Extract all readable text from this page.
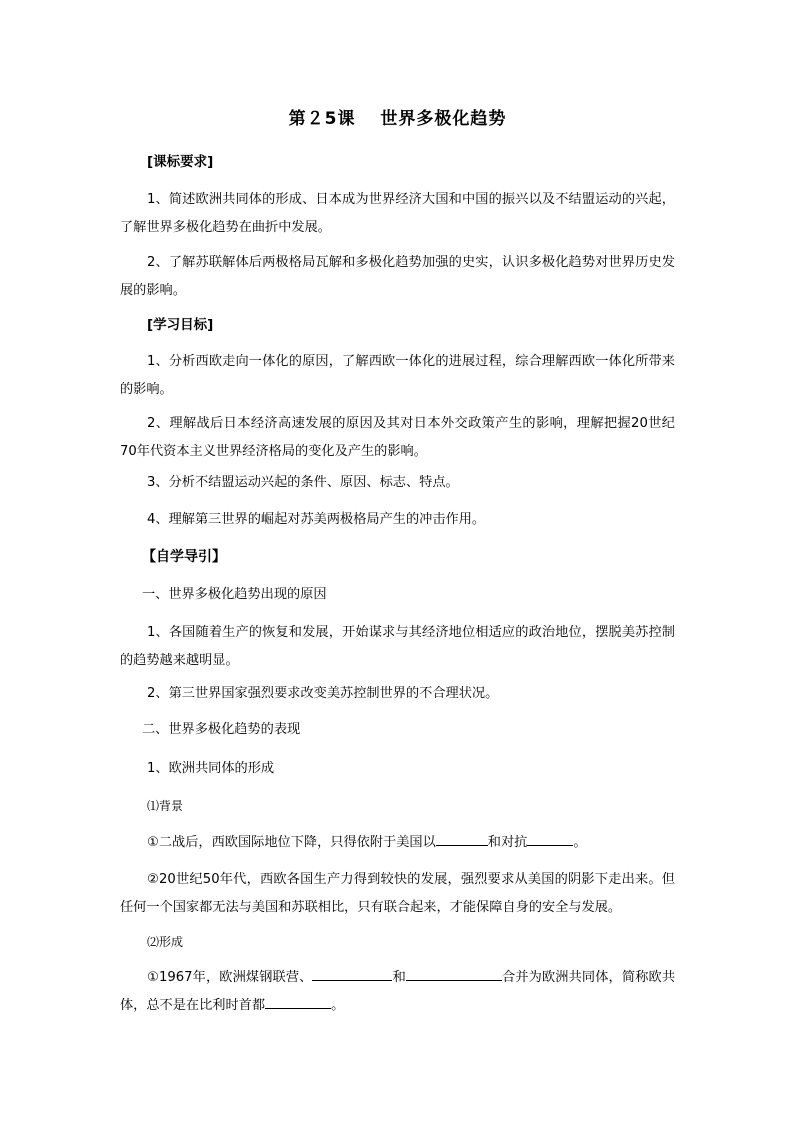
第２5课　 世界多极化趋势
[课标要求]
1、简述欧洲共同体的形成、日本成为世界经济大国和中国的振兴以及不结盟运动的兴起，了解世界多极化趋势在曲折中发展。
2、了解苏联解体后两极格局瓦解和多极化趋势加强的史实，认识多极化趋势对世界历史发展的影响。
[学习目标]
1、分析西欧走向一体化的原因，了解西欧一体化的进展过程，综合理解西欧一体化所带来的影响。
2、理解战后日本经济高速发展的原因及其对日本外交政策产生的影响，理解把握20世纪70年代资本主义世界经济格局的变化及产生的影响。
3、分析不结盟运动兴起的条件、原因、标志、特点。
4、理解第三世界的崛起对苏美两极格局产生的冲击作用。
【自学导引】
一、世界多极化趋势出现的原因
1、各国随着生产的恢复和发展，开始谋求与其经济地位相适应的政治地位，摆脱美苏控制的趋势越来越明显。
2、第三世界国家强烈要求改变美苏控制世界的不合理状况。
二、世界多极化趋势的表现
1、欧洲共同体的形成
⑴背景
①二战后，西欧国际地位下降，只得依附于美国以	和对抗	。
②20世纪50年代，西欧各国生产力得到较快的发展，强烈要求从美国的阴影下走出来。但任何一个国家都无法与美国和苏联相比，只有联合起来，才能保障自身的安全与发展。
⑵形成
①1967年，欧洲煤钢联营、	和	合并为欧洲共同体，简称欧共体，总不是在比利时首都	。
